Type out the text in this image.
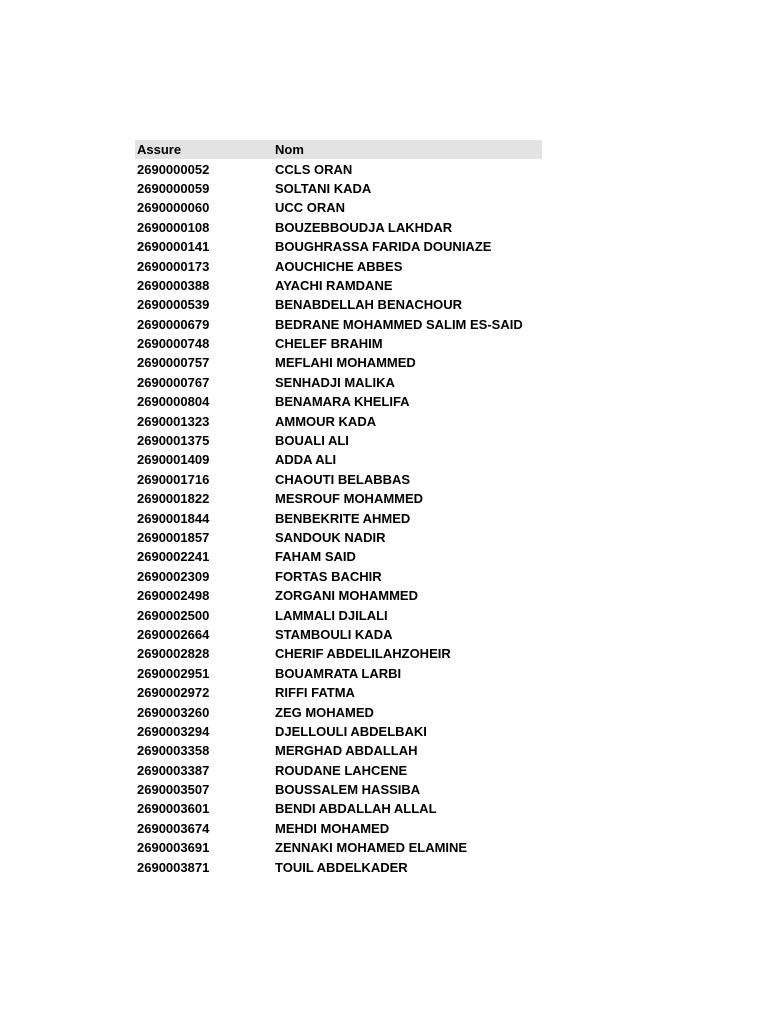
Assure	Nom
2690000052	CCLS ORAN
2690000059	SOLTANI KADA
2690000060	UCC ORAN
2690000108	BOUZEBBOUDJA LAKHDAR
2690000141	BOUGHRASSA FARIDA DOUNIAZE
2690000173	AOUCHICHE ABBES
2690000388	AYACHI RAMDANE
2690000539	BENABDELLAH BENACHOUR
2690000679	BEDRANE MOHAMMED SALIM ES-SAID
2690000748	CHELEF BRAHIM
2690000757	MEFLAHI MOHAMMED
2690000767	SENHADJI MALIKA
2690000804	BENAMARA KHELIFA
2690001323	AMMOUR KADA
2690001375	BOUALI ALI
2690001409	ADDA ALI
2690001716	CHAOUTI BELABBAS
2690001822	MESROUF MOHAMMED
2690001844	BENBEKRITE AHMED
2690001857	SANDOUK NADIR
2690002241	FAHAM SAID
2690002309	FORTAS BACHIR
2690002498	ZORGANI MOHAMMED
2690002500	LAMMALI DJILALI
2690002664	STAMBOULI KADA
2690002828	CHERIF ABDELILAHZOHEIR
2690002951	BOUAMRATA LARBI
2690002972	RIFFI FATMA
2690003260	ZEG MOHAMED
2690003294	DJELLOULI ABDELBAKI
2690003358	MERGHAD ABDALLAH
2690003387	ROUDANE LAHCENE
2690003507	BOUSSALEM HASSIBA
2690003601	BENDI ABDALLAH ALLAL
2690003674	MEHDI MOHAMED
2690003691	ZENNAKI MOHAMED ELAMINE
2690003871	TOUIL ABDELKADER
